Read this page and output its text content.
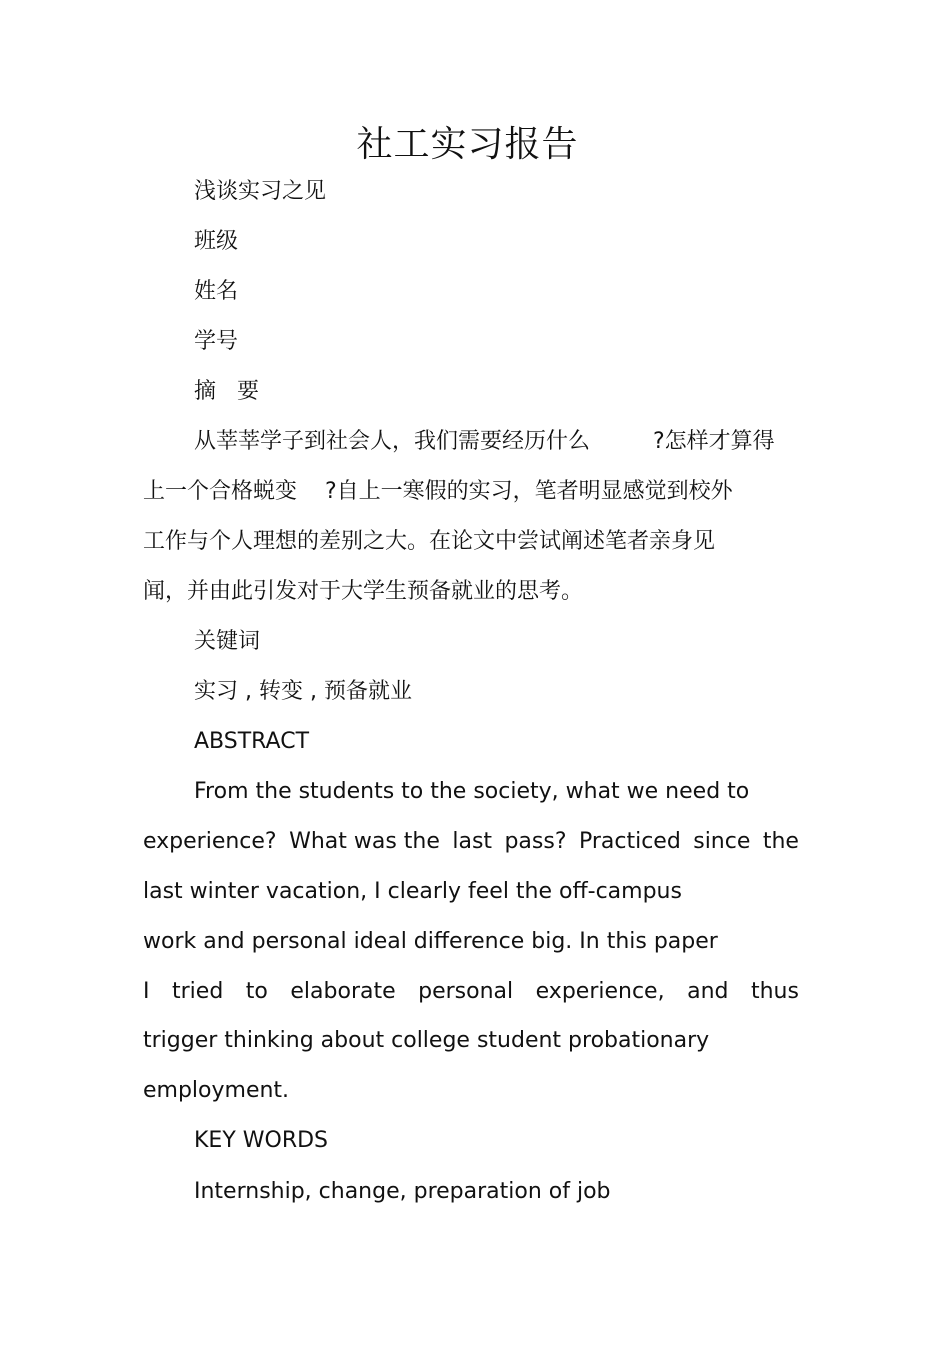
社工实习报告

浅谈实习之见

班级

姓名

学号

摘   要

从莘莘学子到社会人，我们需要经历什么         ?怎样才算得

上一个合格蜕变    ?自上一寒假的实习，笔者明显感觉到校外

工作与个人理想的差别之大。在论文中尝试阐述笔者亲身见

闻，并由此引发对于大学生预备就业的思考。

关键词

实习 , 转变 , 预备就业

ABSTRACT

From the students to the society, what we need to

experience? What was the last pass? Practiced since the

last winter vacation, I clearly feel the off-campus

work and personal ideal difference big. In this paper

I tried to elaborate personal experience, and thus

trigger thinking about college student probationary

employment.

KEY WORDS

Internship, change, preparation of job
